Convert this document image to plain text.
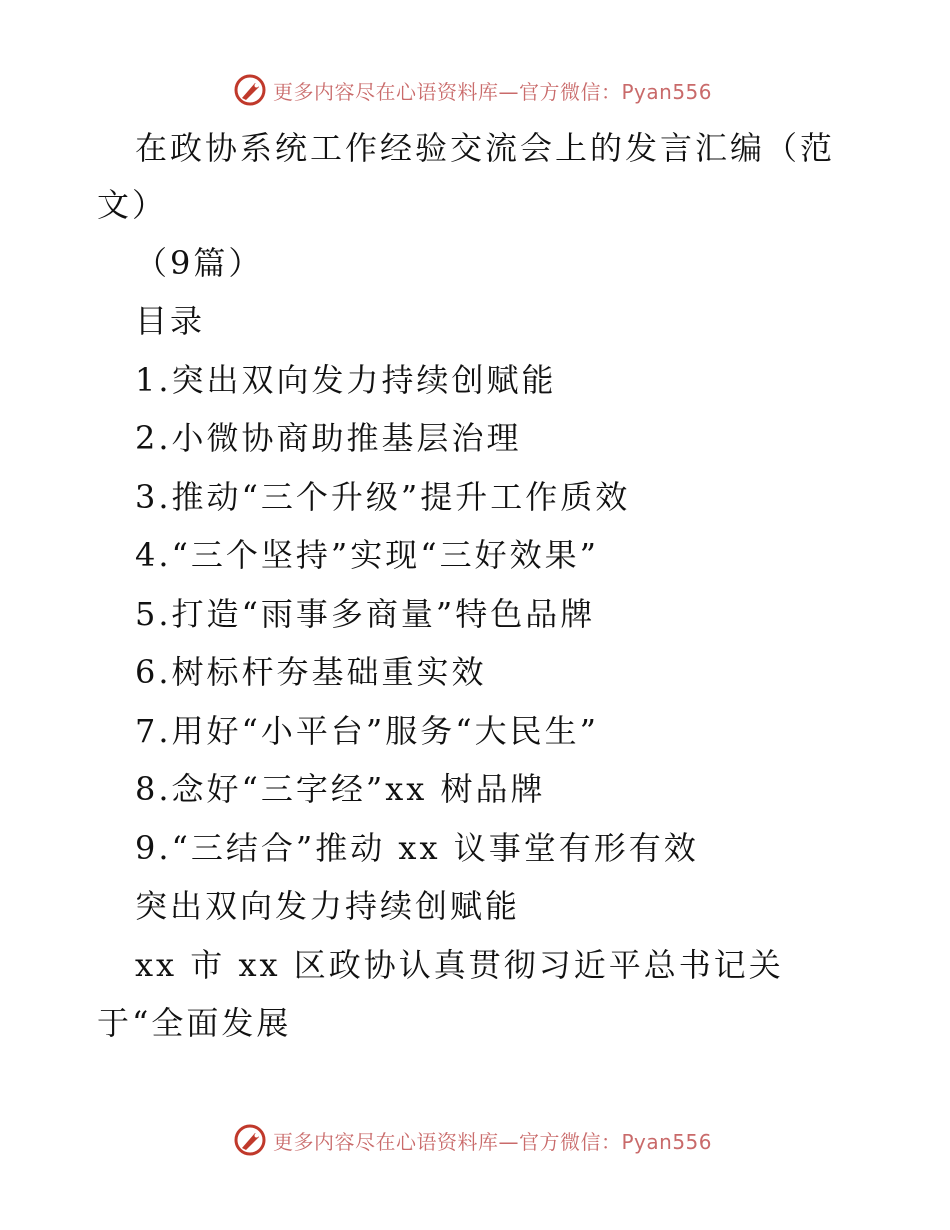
更多内容尽在心语资料库—官方微信：Pyan556
在政协系统工作经验交流会上的发言汇编（范
文）
（9篇）
目录
1.突出双向发力持续创赋能
2.小微协商助推基层治理
3.推动“三个升级”提升工作质效
4.“三个坚持”实现“三好效果”
5.打造“雨事多商量”特色品牌
6.树标杆夯基础重实效
7.用好“小平台”服务“大民生”
8.念好“三字经”xx 树品牌
9.“三结合”推动 xx 议事堂有形有效
突出双向发力持续创赋能
xx 市 xx 区政协认真贯彻习近平总书记关
于“全面发展
更多内容尽在心语资料库—官方微信：Pyan556
